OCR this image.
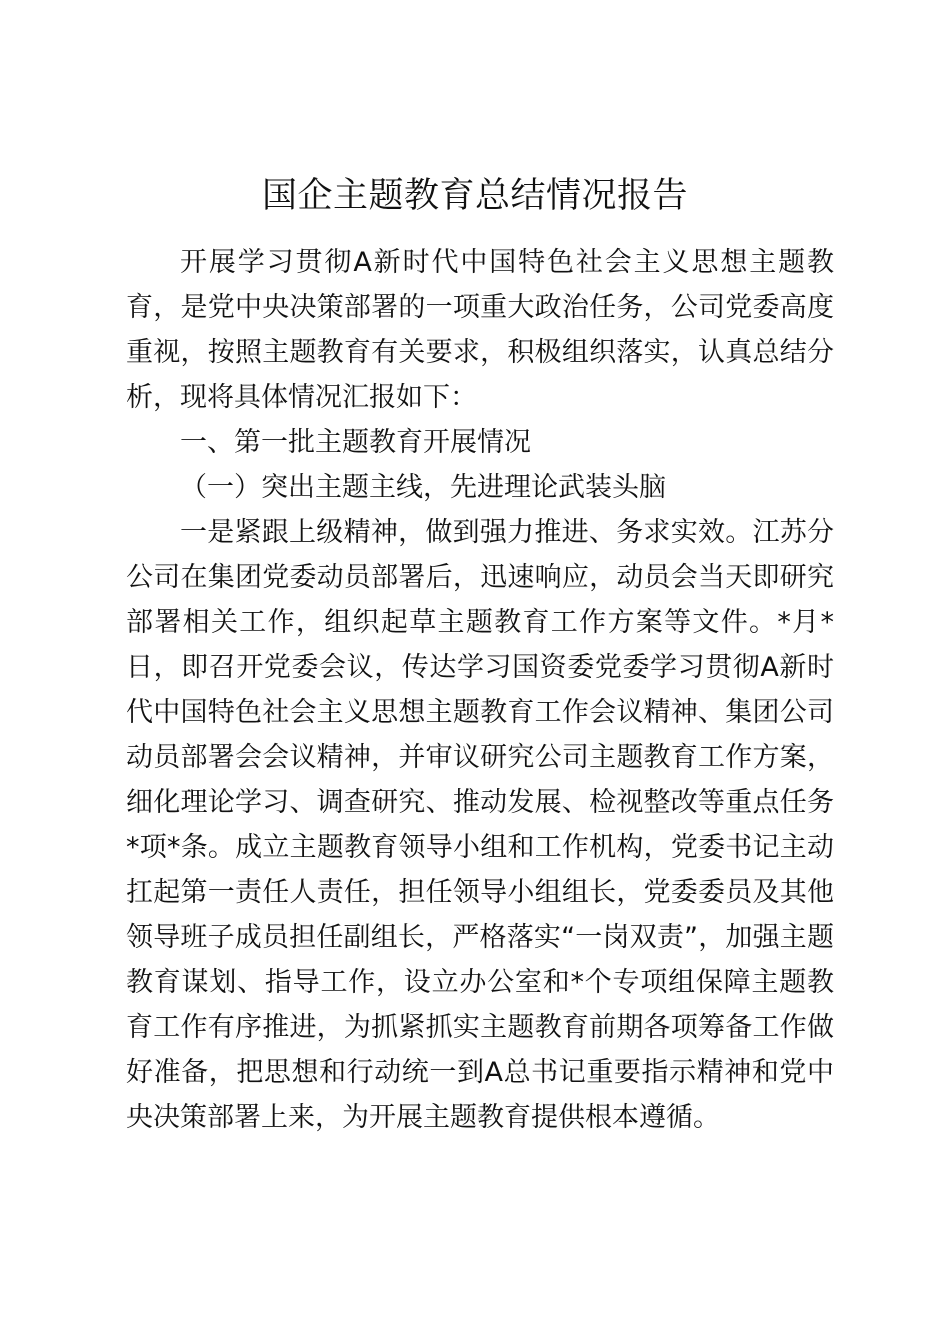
国企主题教育总结情况报告

开展学习贯彻A新时代中国特色社会主义思想主题教育，是党中央决策部署的一项重大政治任务，公司党委高度重视，按照主题教育有关要求，积极组织落实，认真总结分析，现将具体情况汇报如下：

一、第一批主题教育开展情况

（一）突出主题主线，先进理论武装头脑

一是紧跟上级精神，做到强力推进、务求实效。江苏分公司在集团党委动员部署后，迅速响应，动员会当天即研究部署相关工作，组织起草主题教育工作方案等文件。*月*日，即召开党委会议，传达学习国资委党委学习贯彻A新时代中国特色社会主义思想主题教育工作会议精神、集团公司动员部署会会议精神，并审议研究公司主题教育工作方案，细化理论学习、调查研究、推动发展、检视整改等重点任务*项*条。成立主题教育领导小组和工作机构，党委书记主动扛起第一责任人责任，担任领导小组组长，党委委员及其他领导班子成员担任副组长，严格落实“一岗双责”，加强主题教育谋划、指导工作，设立办公室和*个专项组保障主题教育工作有序推进，为抓紧抓实主题教育前期各项筹备工作做好准备，把思想和行动统一到A总书记重要指示精神和党中央决策部署上来，为开展主题教育提供根本遵循。
